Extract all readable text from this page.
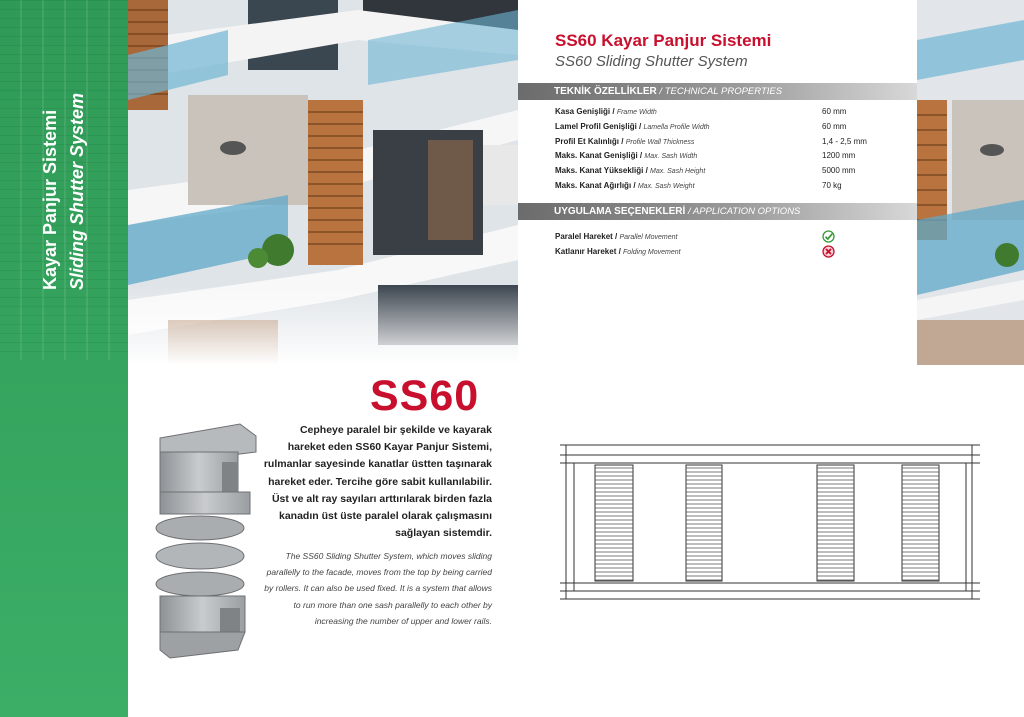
Kayar Panjur Sistemi Sliding Shutter System
SS60 Kayar Panjur Sistemi
SS60 Sliding Shutter System
TEKNİK ÖZELLİKLER / TECHNICAL PROPERTIES
Kasa Genişliği / Frame Width	60 mm
Lamel Profil Genişliği / Lamella Profile Width	60 mm
Profil Et Kalınlığı / Profile Wall Thickness	1,4 - 2,5 mm
Maks. Kanat Genişliği / Max. Sash Width	1200 mm
Maks. Kanat Yüksekliği / Max. Sash Height	5000 mm
Maks. Kanat Ağırlığı / Max. Sash Weight	70 kg
UYGULAMA SEÇENEKLERİ / APPLICATION OPTIONS
Paralel Hareket / Parallel Movement
Katlanır Hareket / Folding Movement
SS60
Cepheye paralel bir şekilde ve kayarak hareket eden SS60 Kayar Panjur Sistemi, rulmanlar sayesinde kanatlar üstten taşınarak hareket eder. Tercihe göre sabit kullanılabilir. Üst ve alt ray sayıları arttırılarak birden fazla kanadın üst üste paralel olarak çalışmasını sağlayan sistemdir.
The SS60 Sliding Shutter System, which moves sliding parallelly to the facade, moves from the top by being carried by rollers. It can also be used fixed. It is a system that allows to run more than one sash parallelly to each other by increasing the number of upper and lower rails.
